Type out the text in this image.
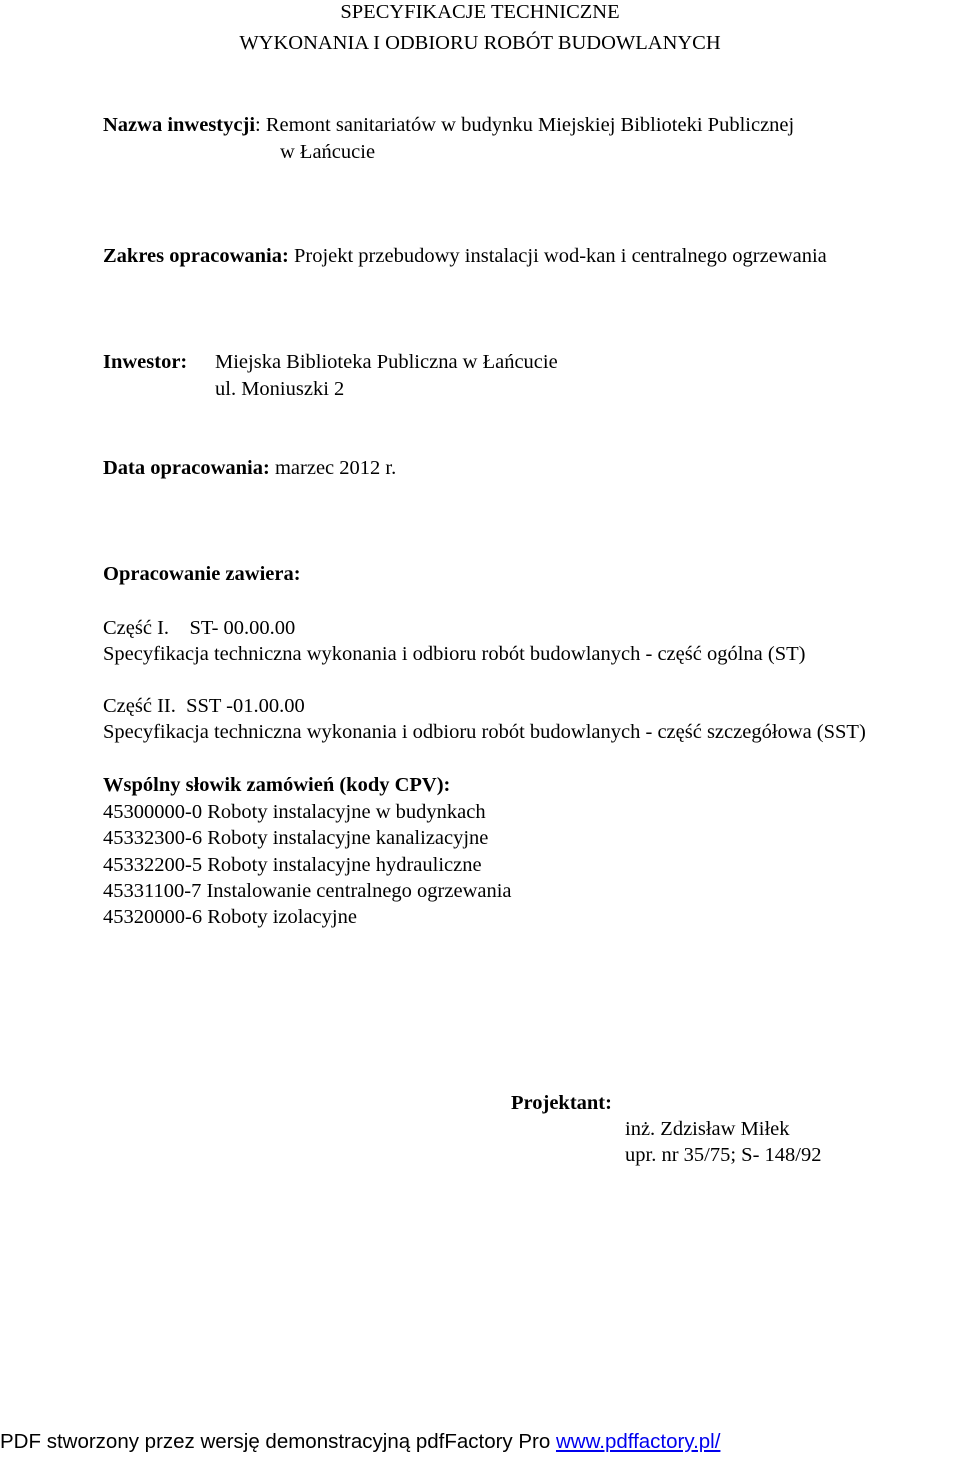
SPECYFIKACJE TECHNICZNE
WYKONANIA I ODBIORU ROBÓT BUDOWLANYCH
Nazwa inwestycji: Remont sanitariatów w budynku Miejskiej Biblioteki Publicznej
w Łańcucie
Zakres opracowania: Projekt przebudowy instalacji wod-kan i centralnego ogrzewania
Inwestor: Miejska Biblioteka Publiczna w Łańcucie
ul. Moniuszki 2
Data opracowania: marzec 2012 r.
Opracowanie zawiera:
Część I.    ST- 00.00.00
Specyfikacja techniczna wykonania i odbioru robót budowlanych - część ogólna (ST)
Część II.  SST -01.00.00
Specyfikacja techniczna wykonania i odbioru robót budowlanych - część szczegółowa (SST)
Wspólny słowik zamówień (kody CPV):
45300000-0 Roboty instalacyjne w budynkach
45332300-6 Roboty instalacyjne kanalizacyjne
45332200-5 Roboty instalacyjne hydrauliczne
45331100-7 Instalowanie centralnego ogrzewania
45320000-6 Roboty izolacyjne
Projektant:
inż. Zdzisław Miłek
upr. nr 35/75; S- 148/92
PDF stworzony przez wersję demonstracyjną pdfFactory Pro www.pdffactory.pl/
